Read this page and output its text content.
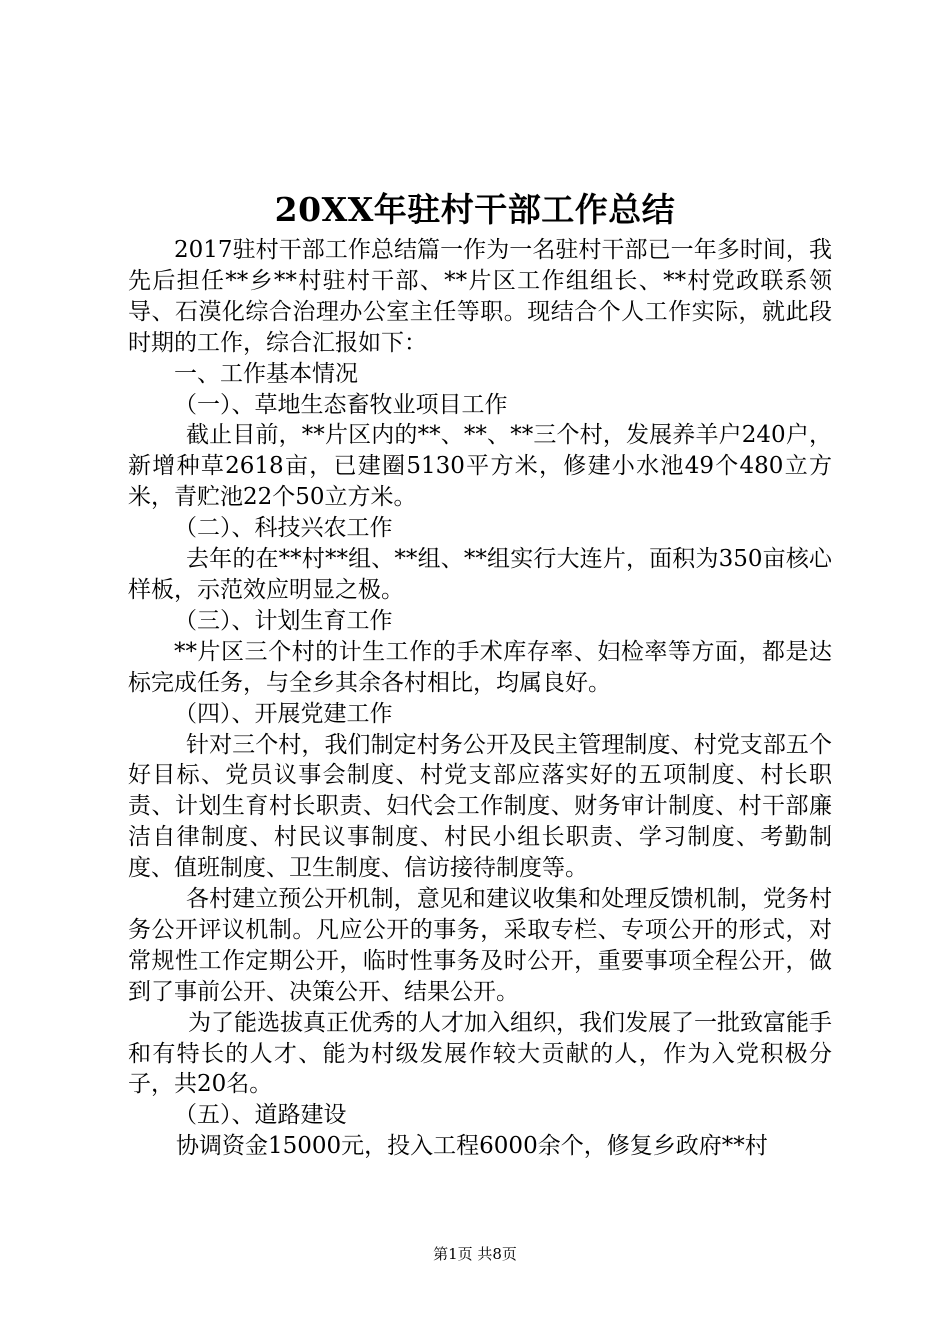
20XX年驻村干部工作总结

2017驻村干部工作总结篇一作为一名驻村干部已一年多时间，我先后担任**乡**村驻村干部、**片区工作组组长、**村党政联系领导、石漠化综合治理办公室主任等职。现结合个人工作实际，就此段时期的工作，综合汇报如下：

一、工作基本情况

（一）、草地生态畜牧业项目工作

截止目前，**片区内的**、**、**三个村，发展养羊户240户，新增种草2618亩，已建圈5130平方米，修建小水池49个480立方米，青贮池22个50立方米。

（二）、科技兴农工作

去年的在**村**组、**组、**组实行大连片，面积为350亩核心样板，示范效应明显之极。

（三）、计划生育工作

**片区三个村的计生工作的手术库存率、妇检率等方面，都是达标完成任务，与全乡其余各村相比，均属良好。

（四）、开展党建工作

针对三个村，我们制定村务公开及民主管理制度、村党支部五个好目标、党员议事会制度、村党支部应落实好的五项制度、村长职责、计划生育村长职责、妇代会工作制度、财务审计制度、村干部廉洁自律制度、村民议事制度、村民小组长职责、学习制度、考勤制度、值班制度、卫生制度、信访接待制度等。

各村建立预公开机制，意见和建议收集和处理反馈机制，党务村务公开评议机制。凡应公开的事务，采取专栏、专项公开的形式，对常规性工作定期公开，临时性事务及时公开，重要事项全程公开，做到了事前公开、决策公开、结果公开。

为了能选拔真正优秀的人才加入组织，我们发展了一批致富能手和有特长的人才、能为村级发展作较大贡献的人，作为入党积极分子，共20名。

（五）、道路建设

协调资金15000元，投入工程6000余个，修复乡政府**村

第1页 共8页
